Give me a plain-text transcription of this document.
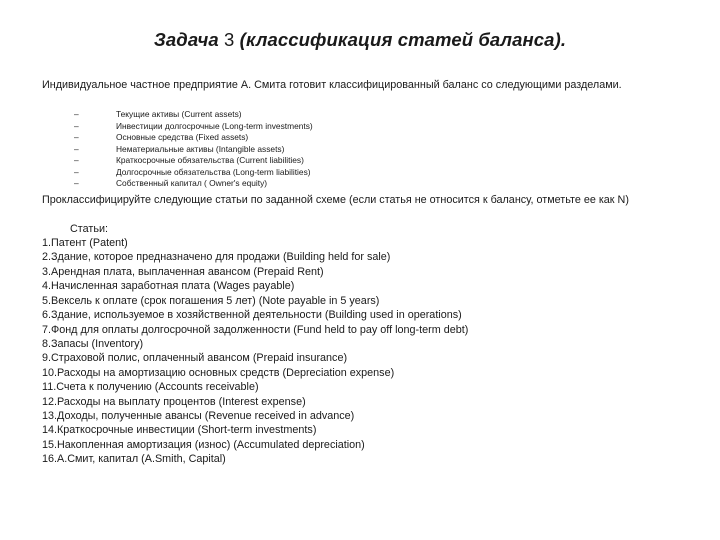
Задача 3 (классификация статей баланса).
Индивидуальное частное предприятие А. Смита готовит классифицированный баланс со следующими разделами.
–	Текущие активы (Current assets)
–	Инвестиции долгосрочные (Long-term investments)
–	Основные средства (Fixed assets)
–	Нематериальные активы (Intangible assets)
–	Краткосрочные обязательства (Current liabilities)
–	Долгосрочные обязательства (Long-term liabilities)
–	Собственный капитал ( Owner's equity)
Проклассифицируйте следующие статьи по заданной схеме (если статья не относится к балансу, отметьте ее как N)
Статьи:
1.Патент (Patent)
2.Здание, которое предназначено для продажи (Building held for sale)
3.Арендная плата, выплаченная авансом (Prepaid Rent)
4.Начисленная заработная плата (Wages payable)
5.Вексель к оплате (срок погашения 5 лет) (Note payable in 5 years)
6.Здание, используемое в хозяйственной деятельности (Building used in operations)
7.Фонд для оплаты долгосрочной задолженности (Fund held to pay off long-term debt)
8.Запасы (Inventory)
9.Страховой полис, оплаченный авансом (Prepaid insurance)
10.Расходы на амортизацию основных средств (Depreciation expense)
11.Счета к получению (Accounts receivable)
12.Расходы на выплату процентов (Interest expense)
13.Доходы, полученные авансы (Revenue received in advance)
14.Краткосрочные инвестиции (Short-term investments)
15.Накопленная амортизация (износ) (Accumulated depreciation)
16.А.Смит, капитал (A.Smith, Capital)
